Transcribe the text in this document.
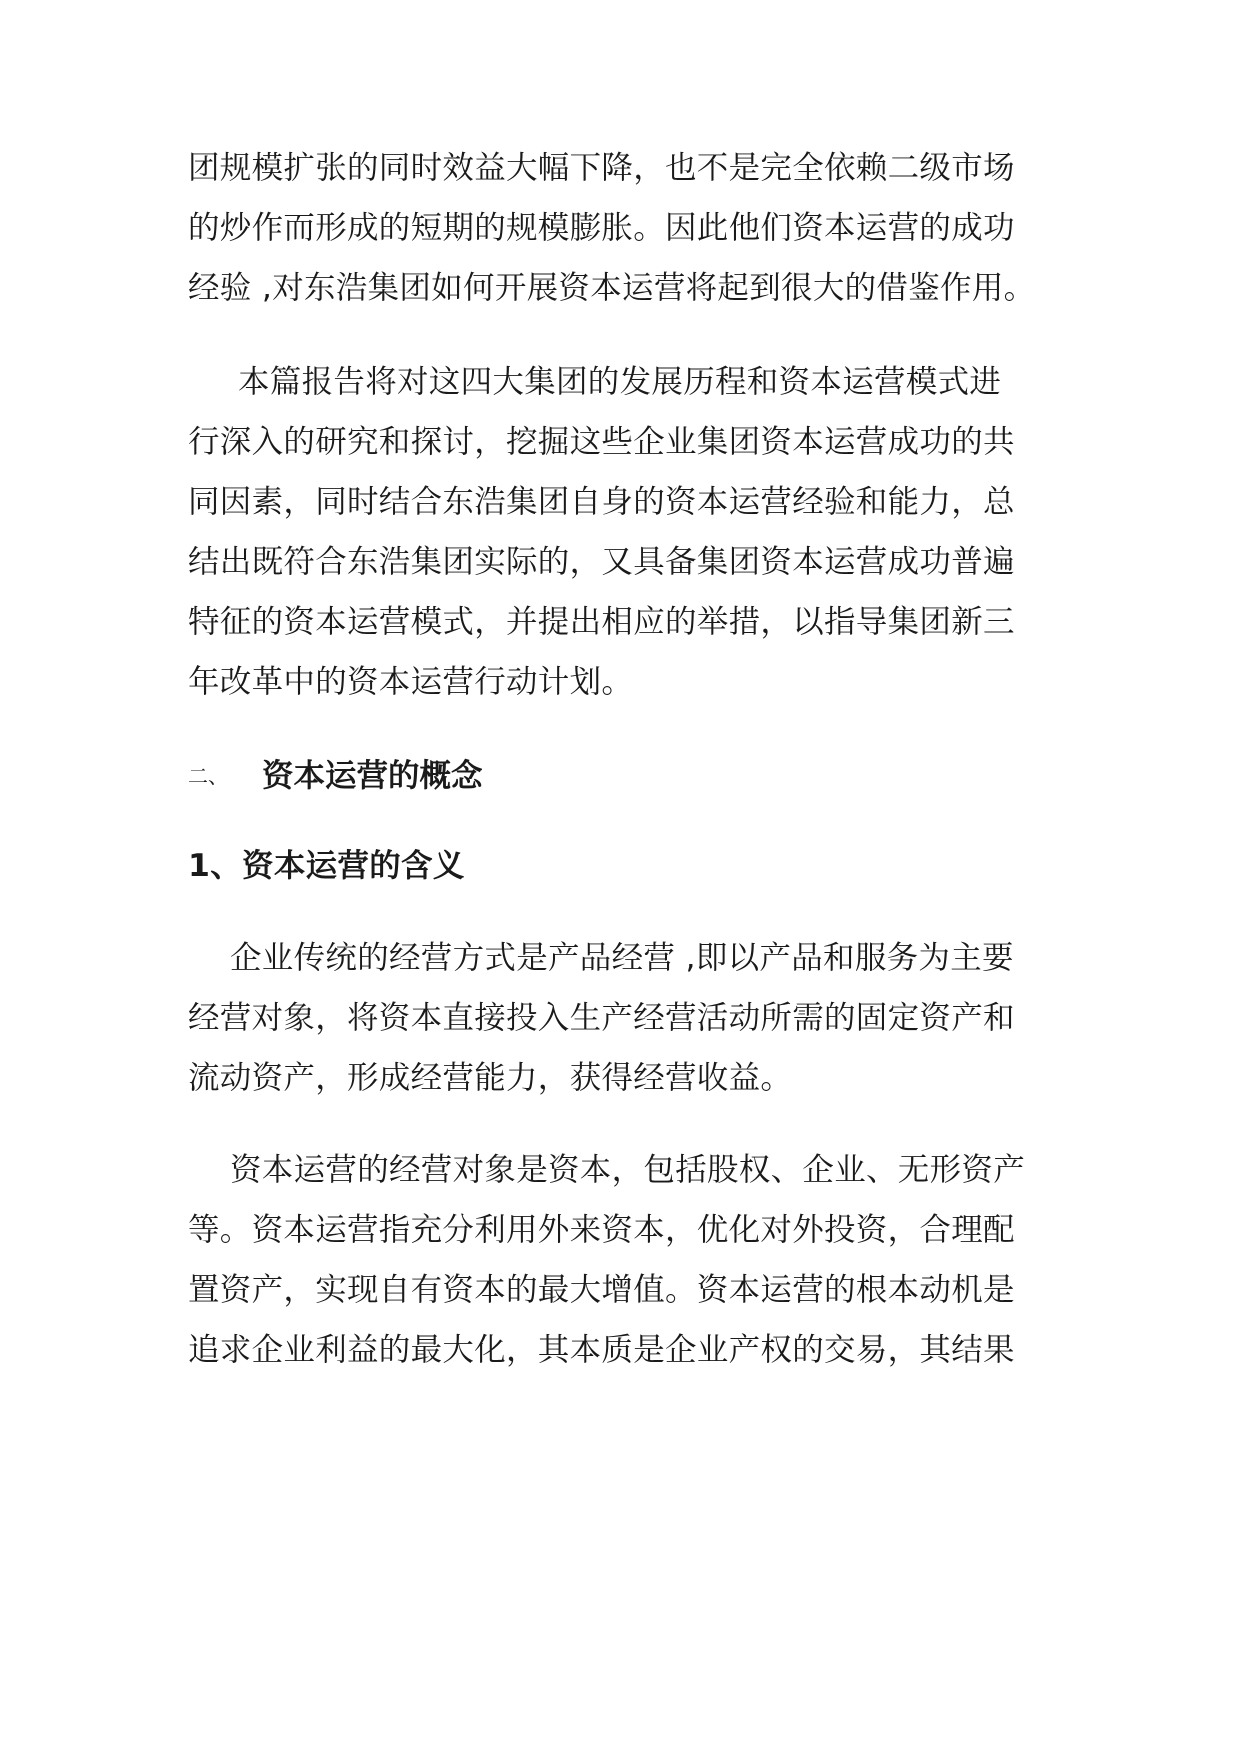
团规模扩张的同时效益大幅下降，也不是完全依赖二级市场
的炒作而形成的短期的规模膨胀。因此他们资本运营的成功
经验 ,对东浩集团如何开展资本运营将起到很大的借鉴作用。
本篇报告将对这四大集团的发展历程和资本运营模式进
行深入的研究和探讨，挖掘这些企业集团资本运营成功的共
同因素，同时结合东浩集团自身的资本运营经验和能力，总
结出既符合东浩集团实际的，又具备集团资本运营成功普遍
特征的资本运营模式，并提出相应的举措，以指导集团新三
年改革中的资本运营行动计划。
二、 资本运营的概念
1、资本运营的含义
企业传统的经营方式是产品经营 ,即以产品和服务为主要
经营对象，将资本直接投入生产经营活动所需的固定资产和
流动资产，形成经营能力，获得经营收益。
资本运营的经营对象是资本，包括股权、企业、无形资产
等。资本运营指充分利用外来资本，优化对外投资，合理配
置资产，实现自有资本的最大增值。资本运营的根本动机是
追求企业利益的最大化，其本质是企业产权的交易，其结果
